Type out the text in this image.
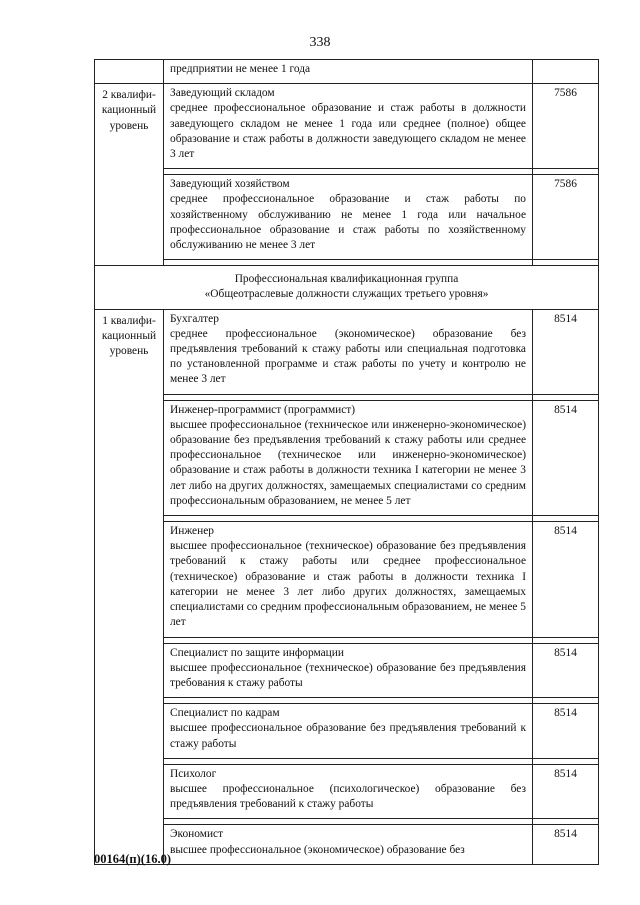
338
	предприятии не менее 1 года	
2 квалифи-кационный уровень	Заведующий складом
среднее профессиональное образование и стаж работы в должности заведующего складом не менее 1 года или среднее (полное) общее образование и стаж работы в должности заведующего складом не менее 3 лет	7586

	Заведующий хозяйством
среднее профессиональное образование и стаж работы по хозяйственному обслуживанию не менее 1 года или начальное профессиональное образование и стаж работы по хозяйственному обслуживанию не менее 3 лет	7586

Профессиональная квалификационная группа
«Общеотраслевые должности служащих третьего уровня»		

1 квалифи-кационный уровень	Бухгалтер
среднее профессиональное (экономическое) образование без предъявления требований к стажу работы или специальная подготовка по установленной программе и стаж работы по учету и контролю не менее 3 лет	8514

	Инженер-программист (программист)
высшее профессиональное (техническое или инженерно-экономическое) образование без предъявления требований к стажу работы или среднее профессиональное (техническое или инженерно-экономическое) образование и стаж работы в должности техника I категории не менее 3 лет либо на других должностях, замещаемых специалистами со средним профессиональным образованием, не менее 5 лет	8514

	Инженер
высшее профессиональное (техническое) образование без предъявления требований к стажу работы или среднее профессиональное (техническое) образование и стаж работы в должности техника I категории не менее 3 лет либо других должностях, замещаемых специалистами со средним профессиональным образованием, не менее 5 лет	8514

	Специалист по защите информации
высшее профессиональное (техническое) образование без предъявления требования к стажу работы	8514

	Специалист по кадрам
высшее профессиональное образование без предъявления требований к стажу работы	8514

	Психолог
высшее профессиональное (психологическое) образование без предъявления требований к стажу работы	8514

	Экономист
высшее профессиональное (экономическое) образование без	8514
00164(п)(16.0)
